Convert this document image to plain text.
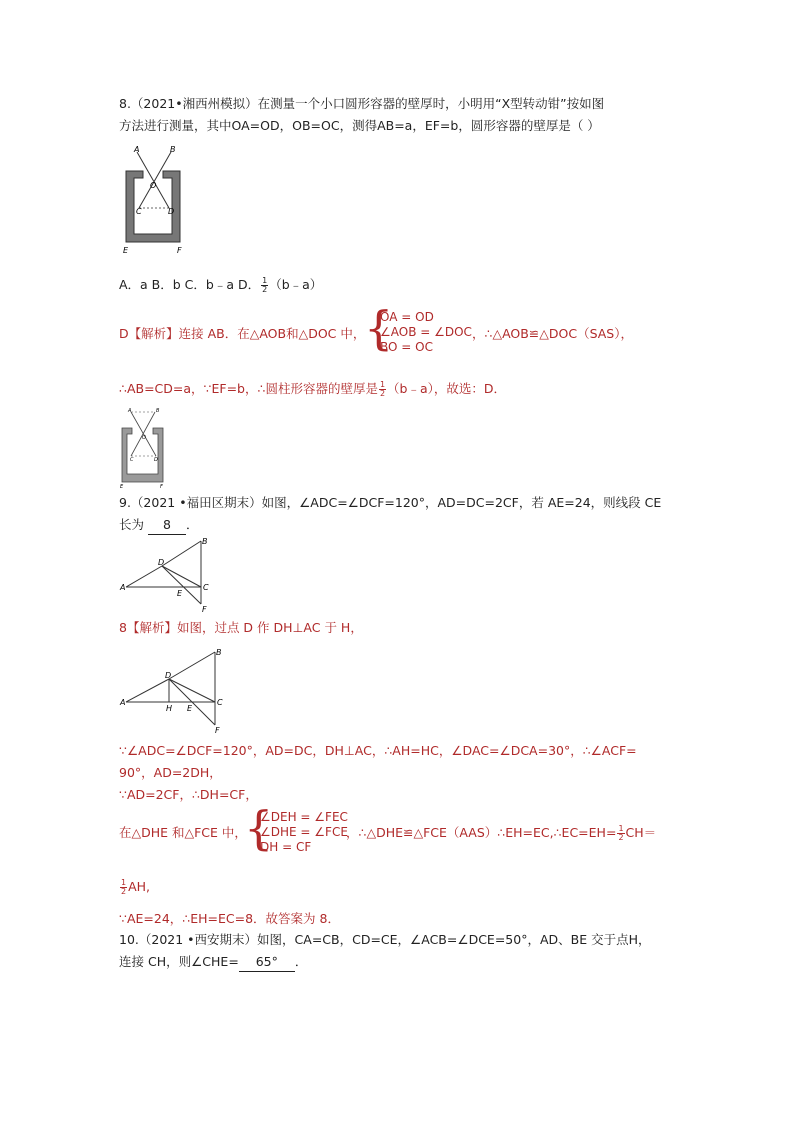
8.（2021•湘西州模拟）在测量一个小口圆形容器的壁厚时，小明用“X型转动钳”按如图
方法进行测量，其中OA=OD，OB=OC，测得AB=a，EF=b，圆形容器的壁厚是（ ）
A	B
O
C	D
E	F
A．a B．b C．b﹣a D． $\frac{1}{2}$ （b﹣a）
D【解析】连接 AB．在△AOB和△DOC 中，
{
OA = OD
∠AOB = ∠DOC
BO = OC
，∴△AOB≌△DOC（SAS），
∴AB=CD=a，∵EF=b，∴圆柱形容器的壁厚是 $\frac{1}{2}$ （b﹣a），故选：D．
A	B
O
C	D
E	F
9.（2021 •福田区期末）如图，∠ADC=∠DCF=120°，AD=DC=2CF，若 AE=24，则线段 CE
长为 8 ．
B
D
A	C
E
F
8【解析】如图，过点 D 作 DH⊥AC 于 H，
B
D
A	C
H E
F
∵∠ADC=∠DCF=120°，AD=DC，DH⊥AC，∴AH=HC，∠DAC=∠DCA=30°，∴∠ACF=
90°，AD=2DH，
∵AD=2CF，∴DH=CF，
在△DHE 和△FCE 中，
{
∠DEH = ∠FEC
∠DHE = ∠FCE
DH = CF
，∴△DHE≌△FCE（AAS）∴EH=EC,∴EC=EH= $\frac{1}{2} CH=$
$\frac{1}{2}$ AH,
∵AE=24，∴EH=EC=8．故答案为 8．
10.（2021 •西安期末）如图，CA=CB，CD=CE，∠ACB=∠DCE=50°，AD、BE 交于点H，
连接 CH，则∠CHE= 65° ．
